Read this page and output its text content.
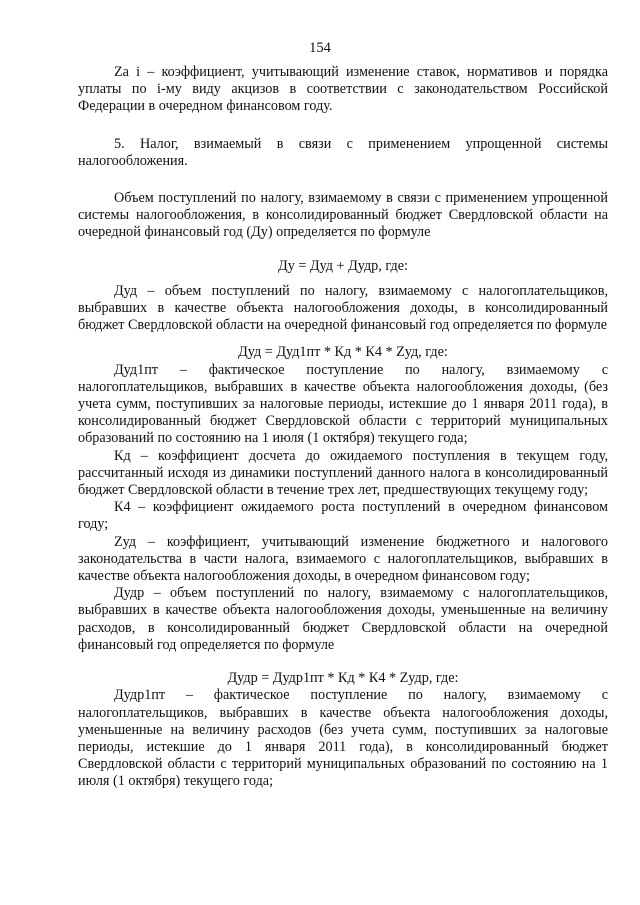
154

Za i – коэффициент, учитывающий изменение ставок, нормативов и порядка уплаты по i-му виду акцизов в соответствии с законодательством Российской Федерации в очередном финансовом году.

5. Налог, взимаемый в связи с применением упрощенной системы налогообложения.

Объем поступлений по налогу, взимаемому в связи с применением упрощенной системы налогообложения, в консолидированный бюджет Свердловской области на очередной финансовый год (Ду) определяется по формуле

Ду = Дуд + Дудр, где:

Дуд – объем поступлений по налогу, взимаемому с налогоплательщиков, выбравших в качестве объекта налогообложения доходы, в консолидированный бюджет Свердловской области на очередной финансовый год определяется по формуле

Дуд = Дуд1пт * Кд * К4 * Zуд, где:

Дуд1пт – фактическое поступление по налогу, взимаемому с налогоплательщиков, выбравших в качестве объекта налогообложения доходы, (без учета сумм, поступивших за налоговые периоды, истекшие до 1 января 2011 года), в консолидированный бюджет Свердловской области с территорий муниципальных образований по состоянию на 1 июля (1 октября) текущего года;

Кд – коэффициент досчета до ожидаемого поступления в текущем году, рассчитанный исходя из динамики поступлений данного налога в консолидированный бюджет Свердловской области в течение трех лет, предшествующих текущему году;

К4 – коэффициент ожидаемого роста поступлений в очередном финансовом году;

Zуд – коэффициент, учитывающий изменение бюджетного и налогового законодательства в части налога, взимаемого с налогоплательщиков, выбравших в качестве объекта налогообложения доходы, в очередном финансовом году;

Дудр – объем поступлений по налогу, взимаемому с налогоплательщиков, выбравших в качестве объекта налогообложения доходы, уменьшенные на величину расходов, в консолидированный бюджет Свердловской области на очередной финансовый год определяется по формуле

Дудр = Дудр1пт * Кд * К4 * Zудр, где:

Дудр1пт – фактическое поступление по налогу, взимаемому с налогоплательщиков, выбравших в качестве объекта налогообложения доходы, уменьшенные на величину расходов (без учета сумм, поступивших за налоговые периоды, истекшие до 1 января 2011 года), в консолидированный бюджет Свердловской области с территорий муниципальных образований по состоянию на 1 июля (1 октября) текущего года;
